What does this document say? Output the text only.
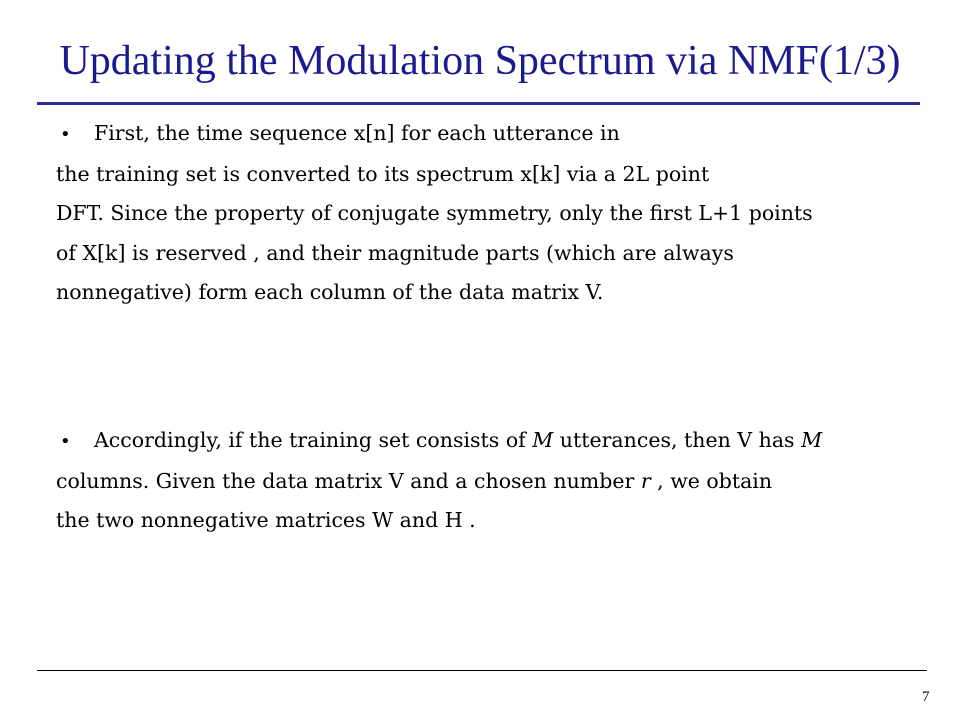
Updating the Modulation Spectrum via NMF(1/3)
• First, the time sequence x[n] for each utterance in
the training set is converted to its spectrum x[k] via a 2L point
DFT. Since the property of conjugate symmetry, only the first L+1 points
of X[k] is reserved , and their magnitude parts (which are always
nonnegative) form each column of the data matrix V.
• Accordingly, if the training set consists of M utterances, then V has M
columns. Given the data matrix V and a chosen number r , we obtain
the two nonnegative matrices W and H .
7
